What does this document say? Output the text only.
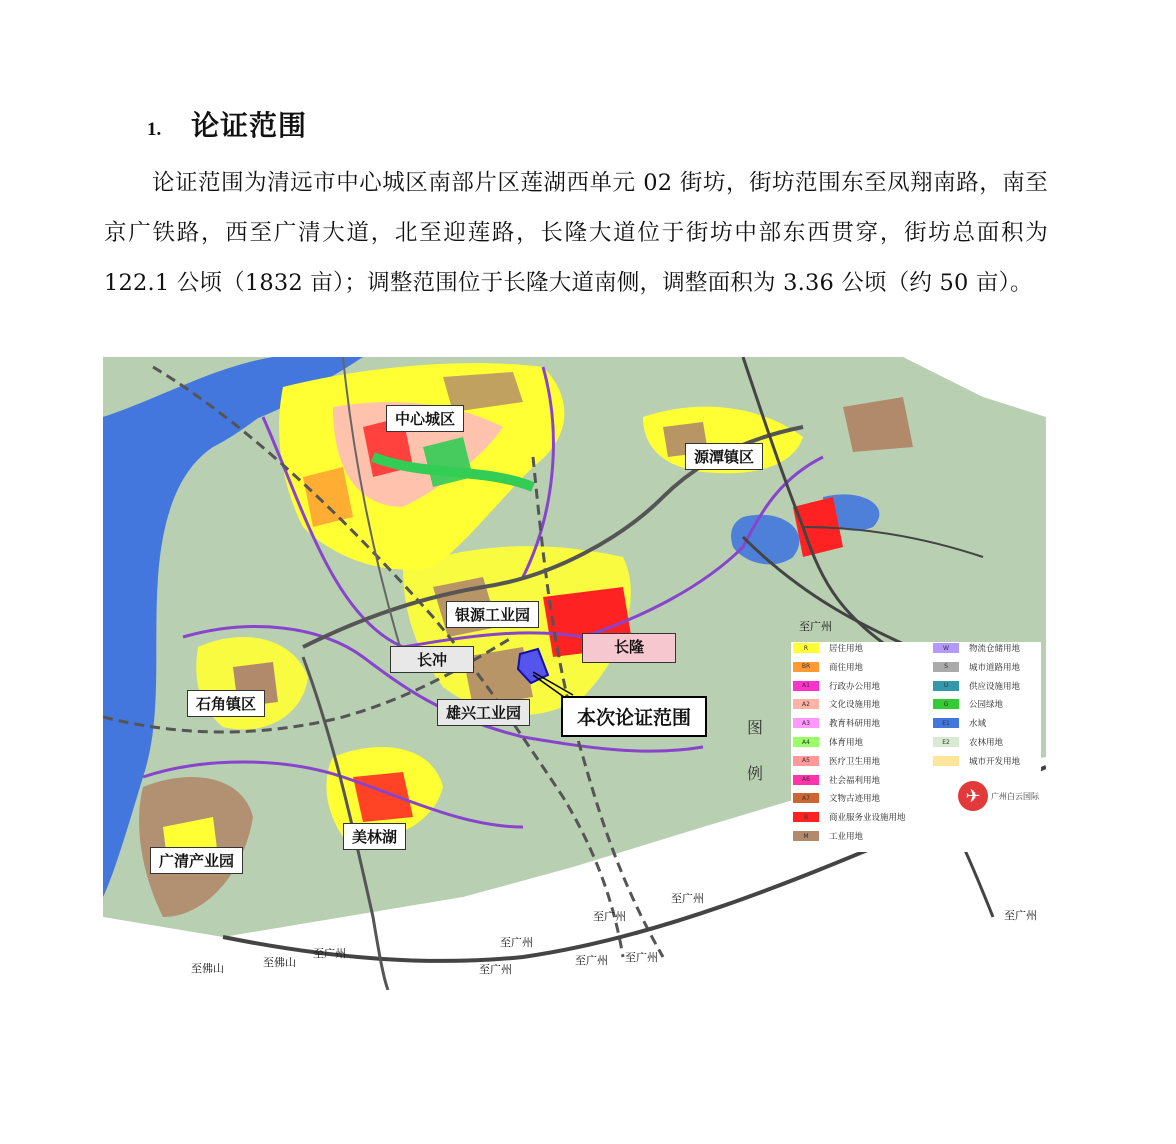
1.	论证范围
论证范围为清远市中心城区南部片区莲湖西单元 02 街坊，街坊范围东至凤翔南路，南至京广铁路，西至广清大道，北至迎莲路，长隆大道位于街坊中部东西贯穿，街坊总面积为 122.1 公顷（1832 亩）；调整范围位于长隆大道南侧，调整面积为 3.36 公顷（约 50 亩）。
中心城区
源潭镇区
银源工业园
长隆
长冲
石角镇区	雄兴工业园	本次论证范围
美林湖
广清产业园
至广州
至广州
至广州
至广州
至广州
至广州 至广州
至广州
至广州
至佛山	至佛山
R	居住用地
BR	商住用地
A1	行政办公用地
A2	文化设施用地
A3	教育科研用地
A4	体育用地
A5	医疗卫生用地
A6	社会福利用地
A7	文物古迹用地
B	商业服务业设施用地
M	工业用地
W	物流仓储用地
S	城市道路用地
U	供应设施用地
G	公园绿地
E1	水域
E2	农林用地
城市开发用地
图
例
✈	广州白云国际
